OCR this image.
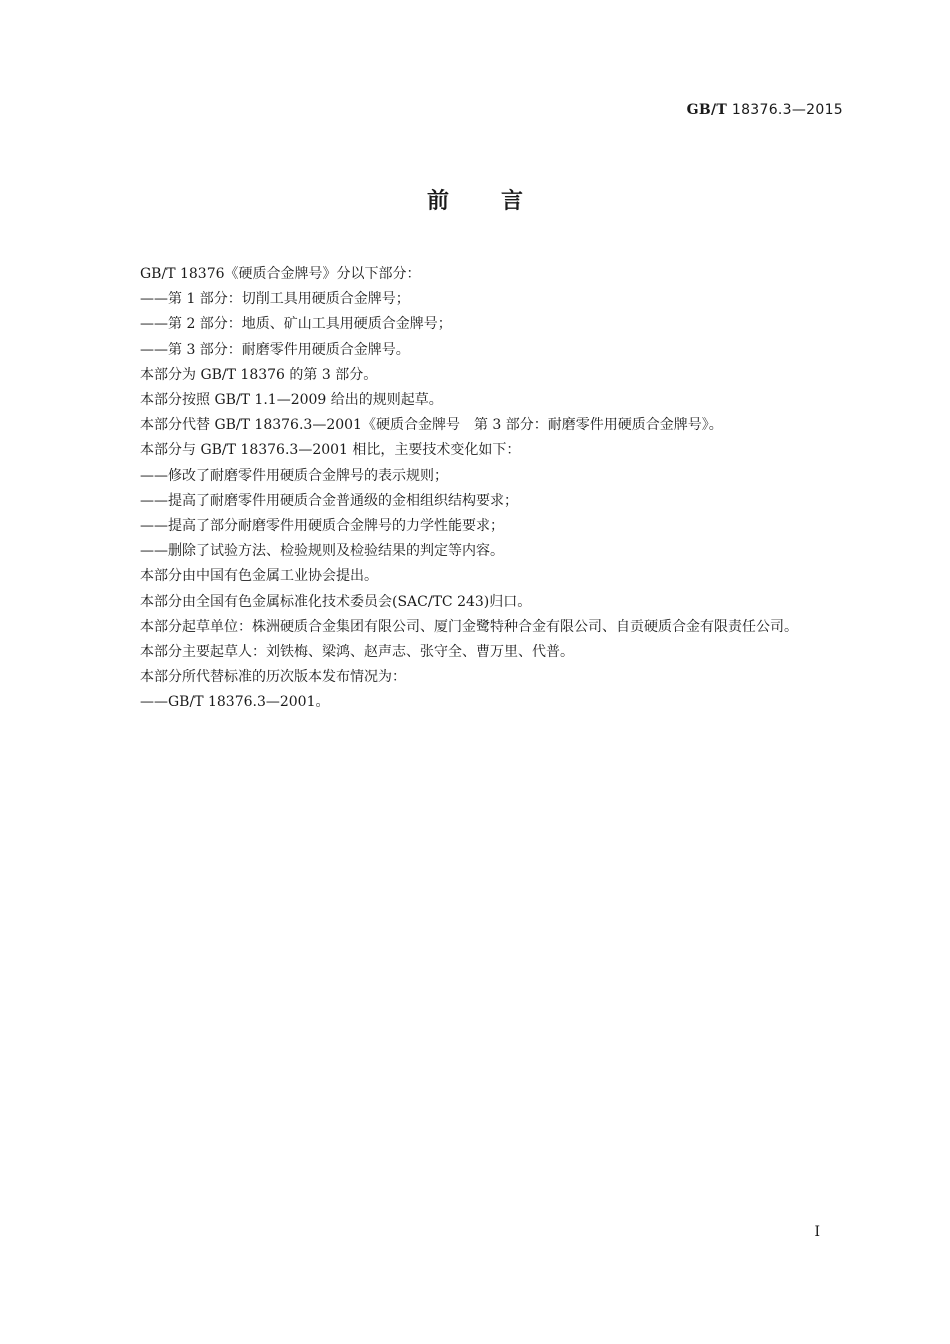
GB/T 18376.3—2015
前言

GB/T 18376《硬质合金牌号》分以下部分：

——第 1 部分：切削工具用硬质合金牌号；

——第 2 部分：地质、矿山工具用硬质合金牌号；

——第 3 部分：耐磨零件用硬质合金牌号。

本部分为 GB/T 18376 的第 3 部分。

本部分按照 GB/T 1.1—2009 给出的规则起草。

本部分代替 GB/T 18376.3—2001《硬质合金牌号　第 3 部分：耐磨零件用硬质合金牌号》。

本部分与 GB/T 18376.3—2001 相比，主要技术变化如下：

——修改了耐磨零件用硬质合金牌号的表示规则；

——提高了耐磨零件用硬质合金普通级的金相组织结构要求；

——提高了部分耐磨零件用硬质合金牌号的力学性能要求；

——删除了试验方法、检验规则及检验结果的判定等内容。

本部分由中国有色金属工业协会提出。

本部分由全国有色金属标准化技术委员会(SAC/TC 243)归口。

本部分起草单位：株洲硬质合金集团有限公司、厦门金鹭特种合金有限公司、自贡硬质合金有限责任公司。

本部分主要起草人：刘铁梅、梁鸿、赵声志、张守全、曹万里、代普。

本部分所代替标准的历次版本发布情况为：

——GB/T 18376.3—2001。

I
